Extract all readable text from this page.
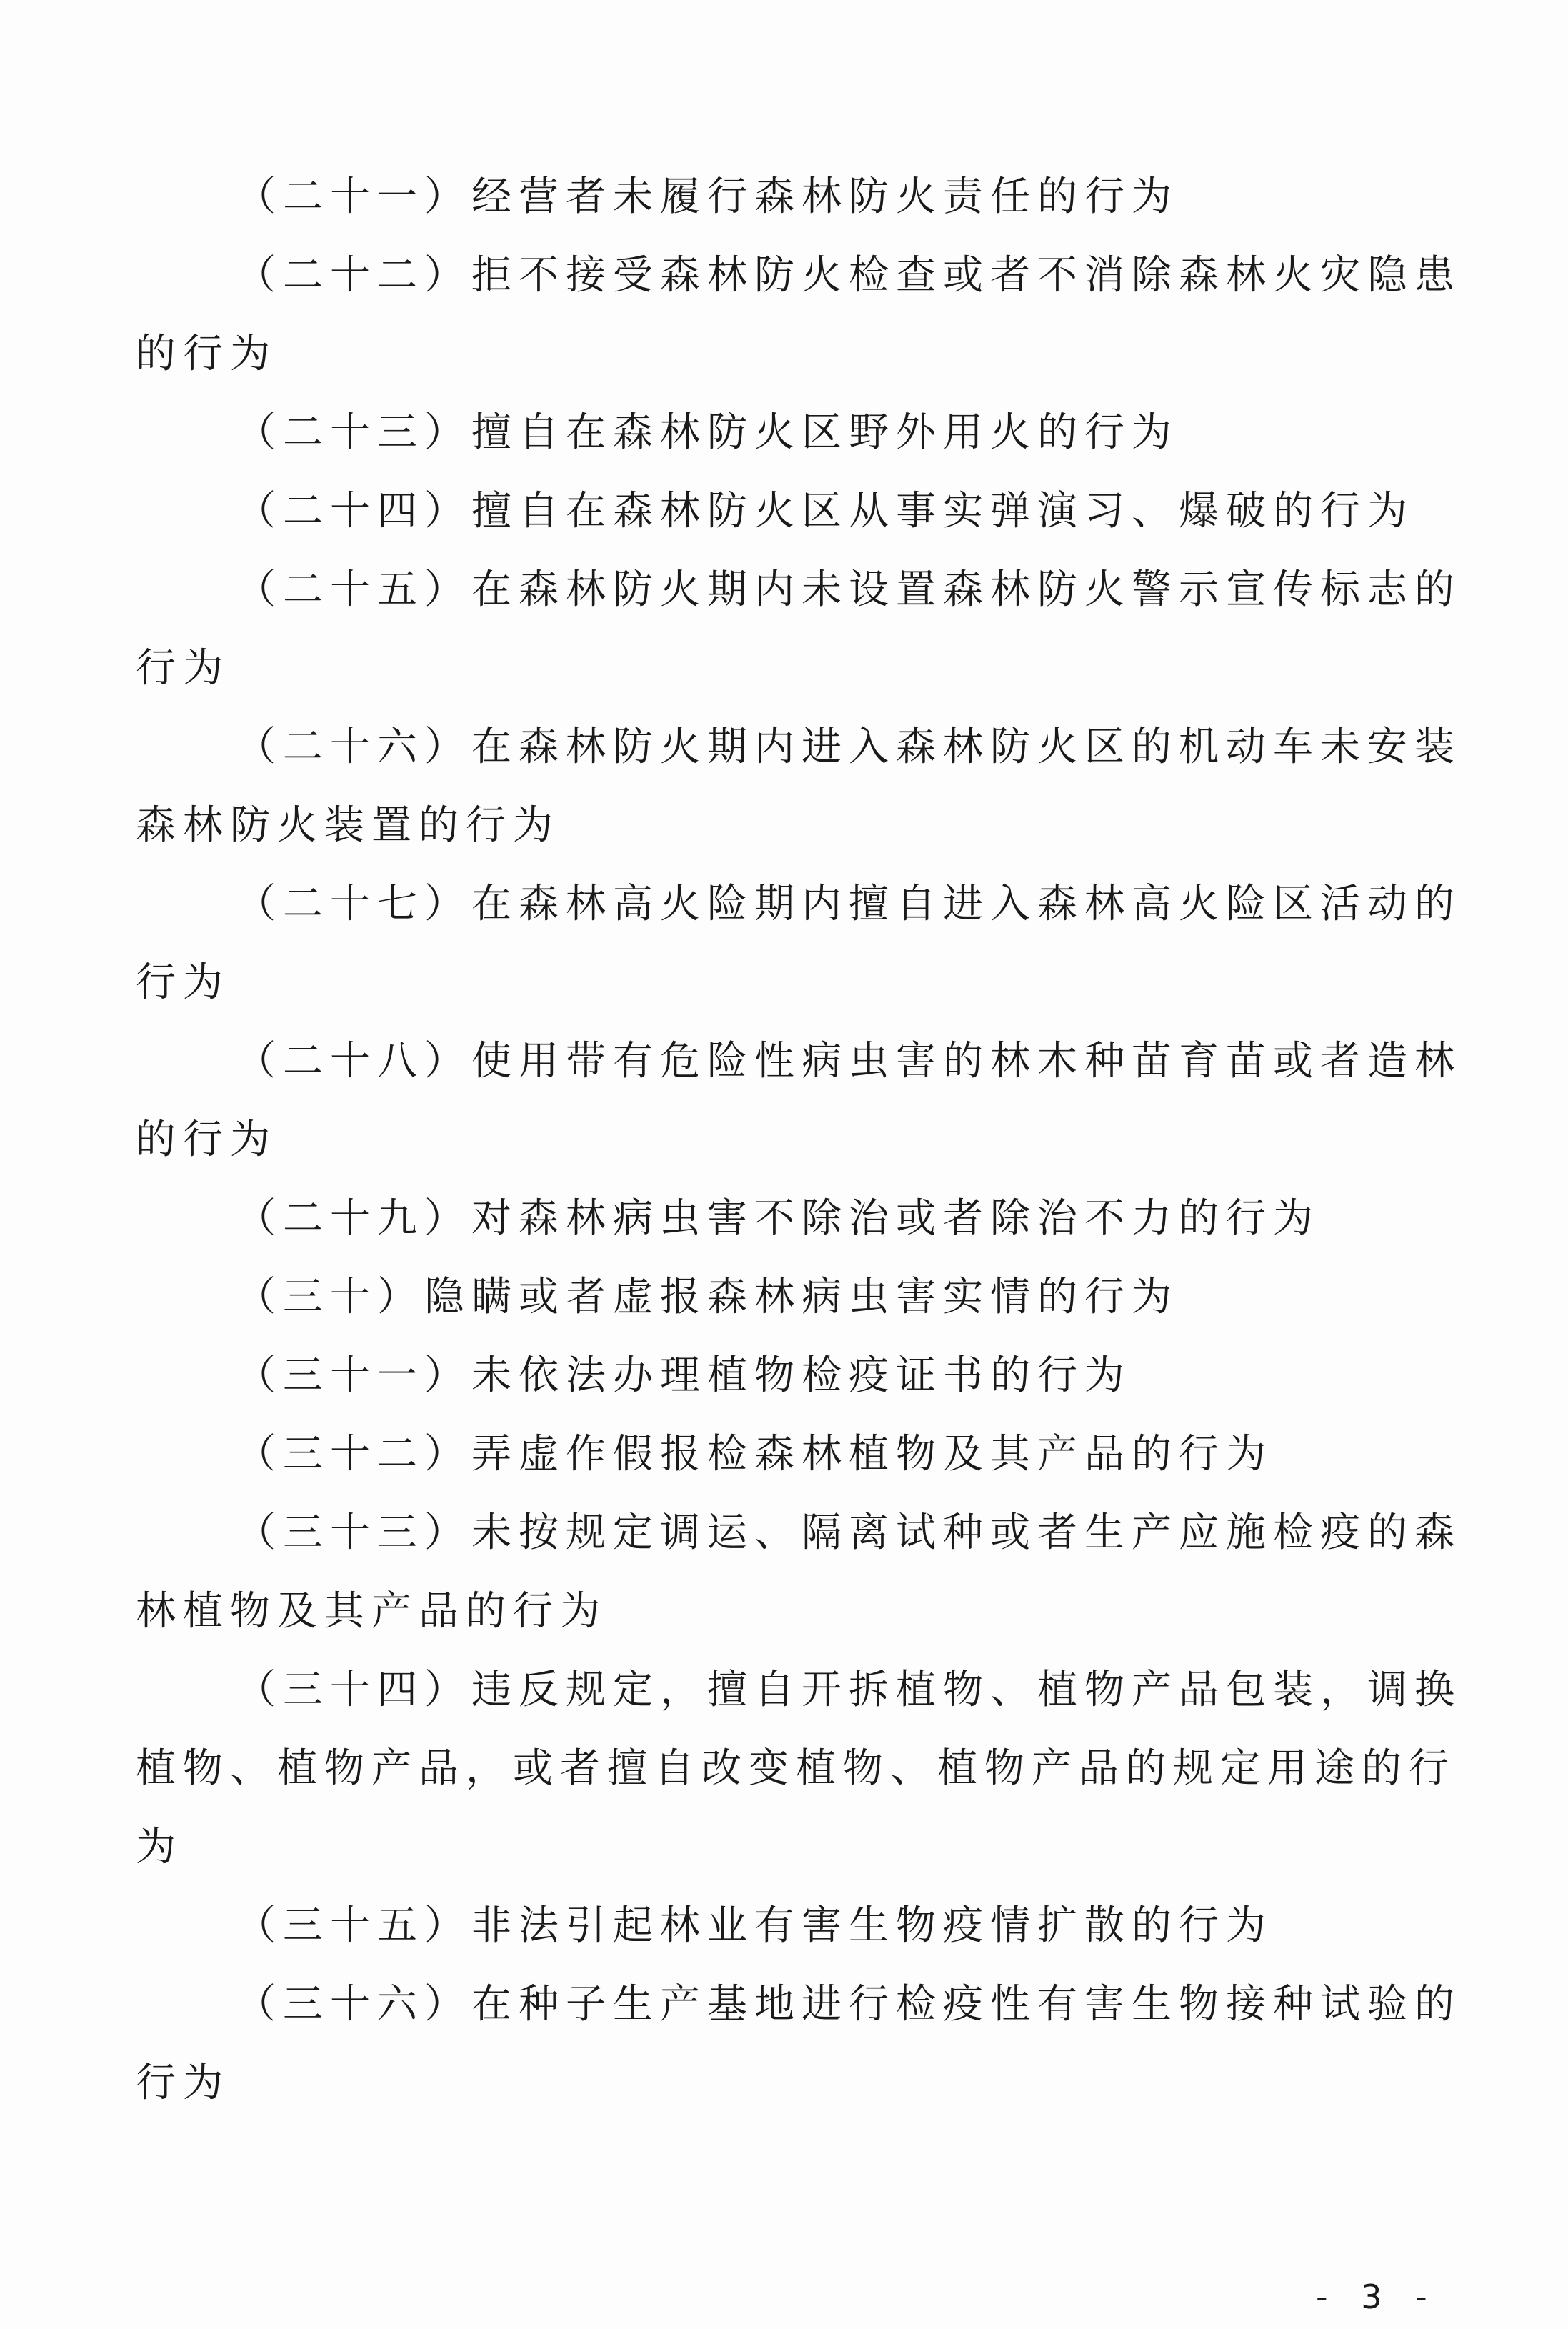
（二十一）经营者未履行森林防火责任的行为
（二十二）拒不接受森林防火检查或者不消除森林火灾隐患
的行为
（二十三）擅自在森林防火区野外用火的行为
（二十四）擅自在森林防火区从事实弹演习、爆破的行为
（二十五）在森林防火期内未设置森林防火警示宣传标志的
行为
（二十六）在森林防火期内进入森林防火区的机动车未安装
森林防火装置的行为
（二十七）在森林高火险期内擅自进入森林高火险区活动的
行为
（二十八）使用带有危险性病虫害的林木种苗育苗或者造林
的行为
（二十九）对森林病虫害不除治或者除治不力的行为
（三十）隐瞒或者虚报森林病虫害实情的行为
（三十一）未依法办理植物检疫证书的行为
（三十二）弄虚作假报检森林植物及其产品的行为
（三十三）未按规定调运、隔离试种或者生产应施检疫的森
林植物及其产品的行为
（三十四）违反规定，擅自开拆植物、植物产品包装，调换
植物、植物产品，或者擅自改变植物、植物产品的规定用途的行
为
（三十五）非法引起林业有害生物疫情扩散的行为
（三十六）在种子生产基地进行检疫性有害生物接种试验的
行为
- 3 -
